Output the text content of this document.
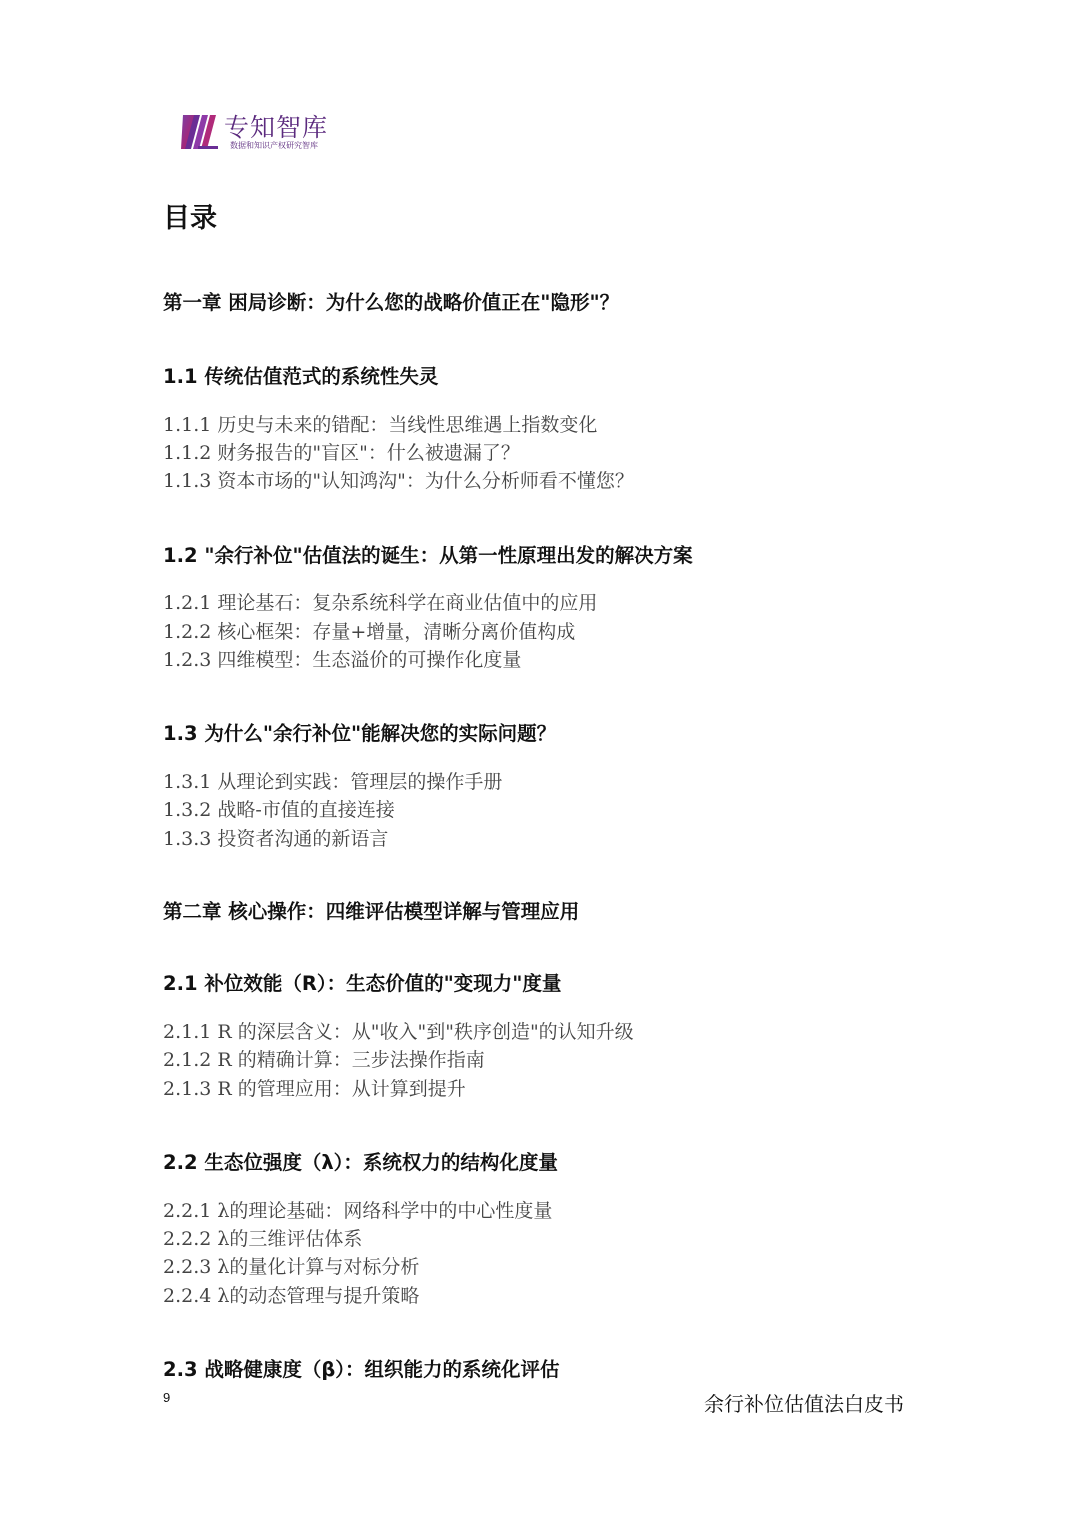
专知智库
数据和知识产权研究智库
目录
第一章 困局诊断：为什么您的战略价值正在"隐形"？
1.1 传统估值范式的系统性失灵
1.1.1 历史与未来的错配：当线性思维遇上指数变化
1.1.2 财务报告的"盲区"：什么被遗漏了？
1.1.3 资本市场的"认知鸿沟"：为什么分析师看不懂您？
1.2 "余行补位"估值法的诞生：从第一性原理出发的解决方案
1.2.1 理论基石：复杂系统科学在商业估值中的应用
1.2.2 核心框架：存量+增量，清晰分离价值构成
1.2.3 四维模型：生态溢价的可操作化度量
1.3 为什么"余行补位"能解决您的实际问题？
1.3.1 从理论到实践：管理层的操作手册
1.3.2 战略-市值的直接连接
1.3.3 投资者沟通的新语言
第二章 核心操作：四维评估模型详解与管理应用
2.1 补位效能（R）：生态价值的"变现力"度量
2.1.1 R 的深层含义：从"收入"到"秩序创造"的认知升级
2.1.2 R 的精确计算：三步法操作指南
2.1.3 R 的管理应用：从计算到提升
2.2 生态位强度（λ）：系统权力的结构化度量
2.2.1 λ的理论基础：网络科学中的中心性度量
2.2.2 λ的三维评估体系
2.2.3 λ的量化计算与对标分析
2.2.4 λ的动态管理与提升策略
2.3 战略健康度（β）：组织能力的系统化评估
9	余行补位估值法白皮书
